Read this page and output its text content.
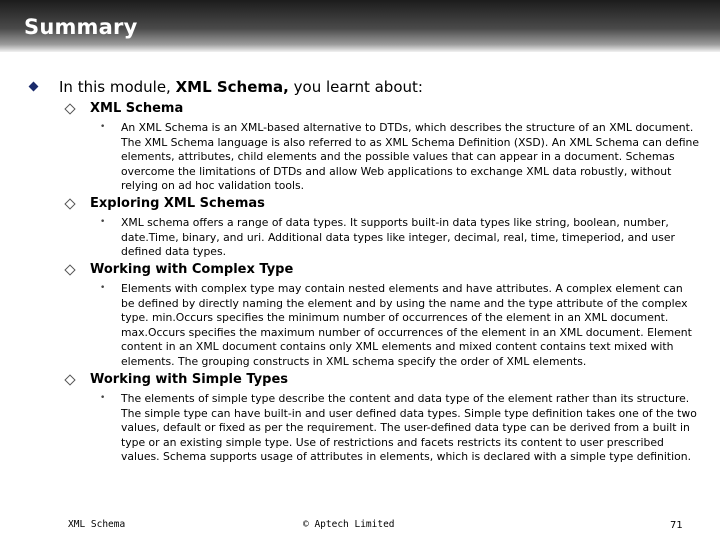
Summary
In this module, XML Schema, you learnt about:
XML Schema
• An XML Schema is an XML-based alternative to DTDs, which describes the structure of an XML document. The XML Schema language is also referred to as XML Schema Definition (XSD). An XML Schema can define elements, attributes, child elements and the possible values that can appear in a document. Schemas overcome the limitations of DTDs and allow Web applications to exchange XML data robustly, without relying on ad hoc validation tools.
Exploring XML Schemas
• XML schema offers a range of data types. It supports built-in data types like string, boolean, number, date.Time, binary, and uri. Additional data types like integer, decimal, real, time, timeperiod, and user defined data types.
Working with Complex Type
• Elements with complex type may contain nested elements and have attributes. A complex element can be defined by directly naming the element and by using the name and the type attribute of the complex type. min.Occurs specifies the minimum number of occurrences of the element in an XML document. max.Occurs specifies the maximum number of occurrences of the element in an XML document. Element content in an XML document contains only XML elements and mixed content contains text mixed with elements. The grouping constructs in XML schema specify the order of XML elements.
Working with Simple Types
• The elements of simple type describe the content and data type of the element rather than its structure. The simple type can have built-in and user defined data types. Simple type definition takes one of the two values, default or fixed as per the requirement. The user-defined data type can be derived from a built in type or an existing simple type. Use of restrictions and facets restricts its content to user prescribed values. Schema supports usage of attributes in elements, which is declared with a simple type definition.
XML Schema	© Aptech Limited	71
